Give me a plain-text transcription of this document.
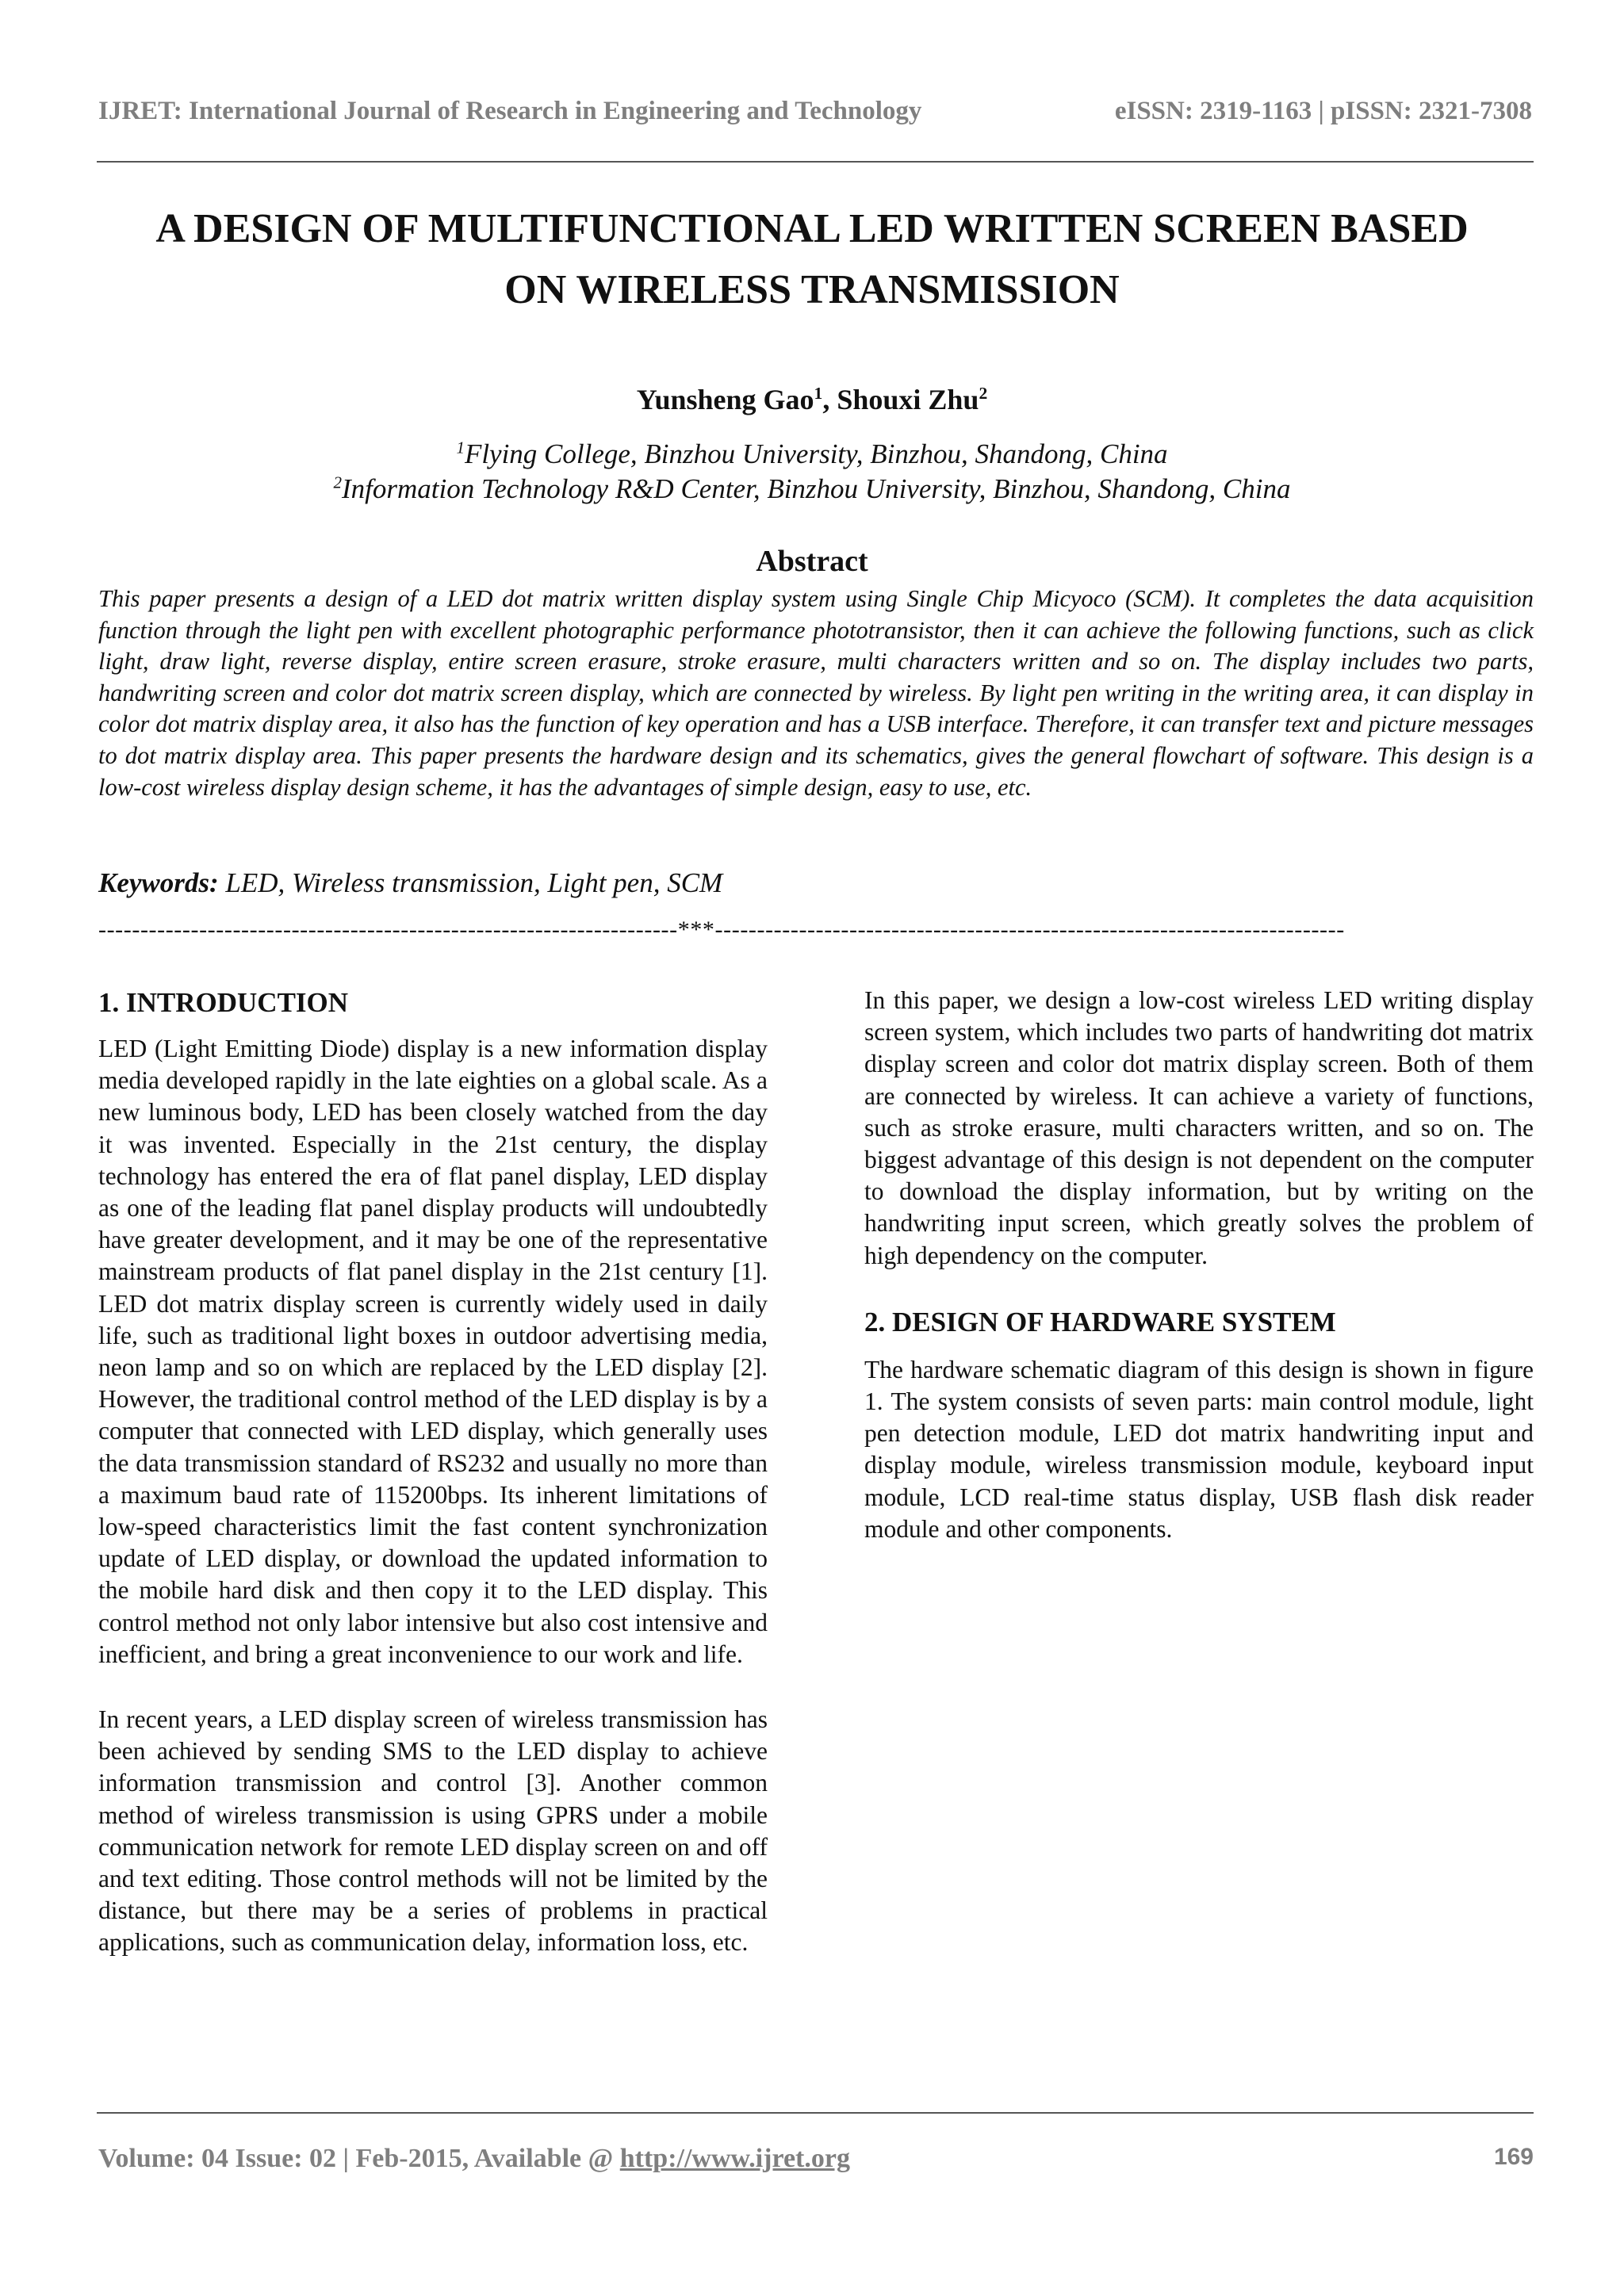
IJRET: International Journal of Research in Engineering and Technology	eISSN: 2319-1163 | pISSN: 2321-7308
A DESIGN OF MULTIFUNCTIONAL LED WRITTEN SCREEN BASED
ON WIRELESS TRANSMISSION
Yunsheng Gao$^1$, Shouxi Zhu$^2$
$^1$Flying College, Binzhou University, Binzhou, Shandong, China
$^2$Information Technology R&D Center, Binzhou University, Binzhou, Shandong, China
Abstract
This paper presents a design of a LED dot matrix written display system using Single Chip Micyoco (SCM). It completes the data acquisition function through the light pen with excellent photographic performance phototransistor, then it can achieve the following functions, such as click light, draw light, reverse display, entire screen erasure, stroke erasure, multi characters written and so on. The display includes two parts, handwriting screen and color dot matrix screen display, which are connected by wireless. By light pen writing in the writing area, it can display in color dot matrix display area, it also has the function of key operation and has a USB interface. Therefore, it can transfer text and picture messages to dot matrix display area. This paper presents the hardware design and its schematics, gives the general flowchart of software. This design is a low-cost wireless display design scheme, it has the advantages of simple design, easy to use, etc.
Keywords: LED, Wireless transmission, Light pen, SCM
---------------------------------------------------------------------***---------------------------------------------------------------------------
1. INTRODUCTION

LED (Light Emitting Diode) display is a new information display media developed rapidly in the late eighties on a global scale. As a new luminous body, LED has been closely watched from the day it was invented. Especially in the 21st century, the display technology has entered the era of flat panel display, LED display as one of the leading flat panel display products will undoubtedly have greater development, and it may be one of the representative mainstream products of flat panel display in the 21st century [1]. LED dot matrix display screen is currently widely used in daily life, such as traditional light boxes in outdoor advertising media, neon lamp and so on which are replaced by the LED display [2]. However, the traditional control method of the LED display is by a computer that connected with LED display, which generally uses the data transmission standard of RS232 and usually no more than a maximum baud rate of 115200bps. Its inherent limitations of low-speed characteristics limit the fast content synchronization update of LED display, or download the updated information to the mobile hard disk and then copy it to the LED display. This control method not only labor intensive but also cost intensive and inefficient, and bring a great inconvenience to our work and life.

In recent years, a LED display screen of wireless transmission has been achieved by sending SMS to the LED display to achieve information transmission and control [3]. Another common method of wireless transmission is using GPRS under a mobile communication network for remote LED display screen on and off and text editing. Those control methods will not be limited by the distance, but there may be a series of problems in practical applications, such as communication delay, information loss, etc.

In this paper, we design a low-cost wireless LED writing display screen system, which includes two parts of handwriting dot matrix display screen and color dot matrix display screen. Both of them are connected by wireless. It can achieve a variety of functions, such as stroke erasure, multi characters written, and so on. The biggest advantage of this design is not dependent on the computer to download the display information, but by writing on the handwriting input screen, which greatly solves the problem of high dependency on the computer.

2. DESIGN OF HARDWARE SYSTEM

The hardware schematic diagram of this design is shown in figure 1. The system consists of seven parts: main control module, light pen detection module, LED dot matrix handwriting input and display module, wireless transmission module, keyboard input module, LCD real-time status display, USB flash disk reader module and other components.

Volume: 04 Issue: 02 | Feb-2015, Available @ http://www.ijret.org	169
